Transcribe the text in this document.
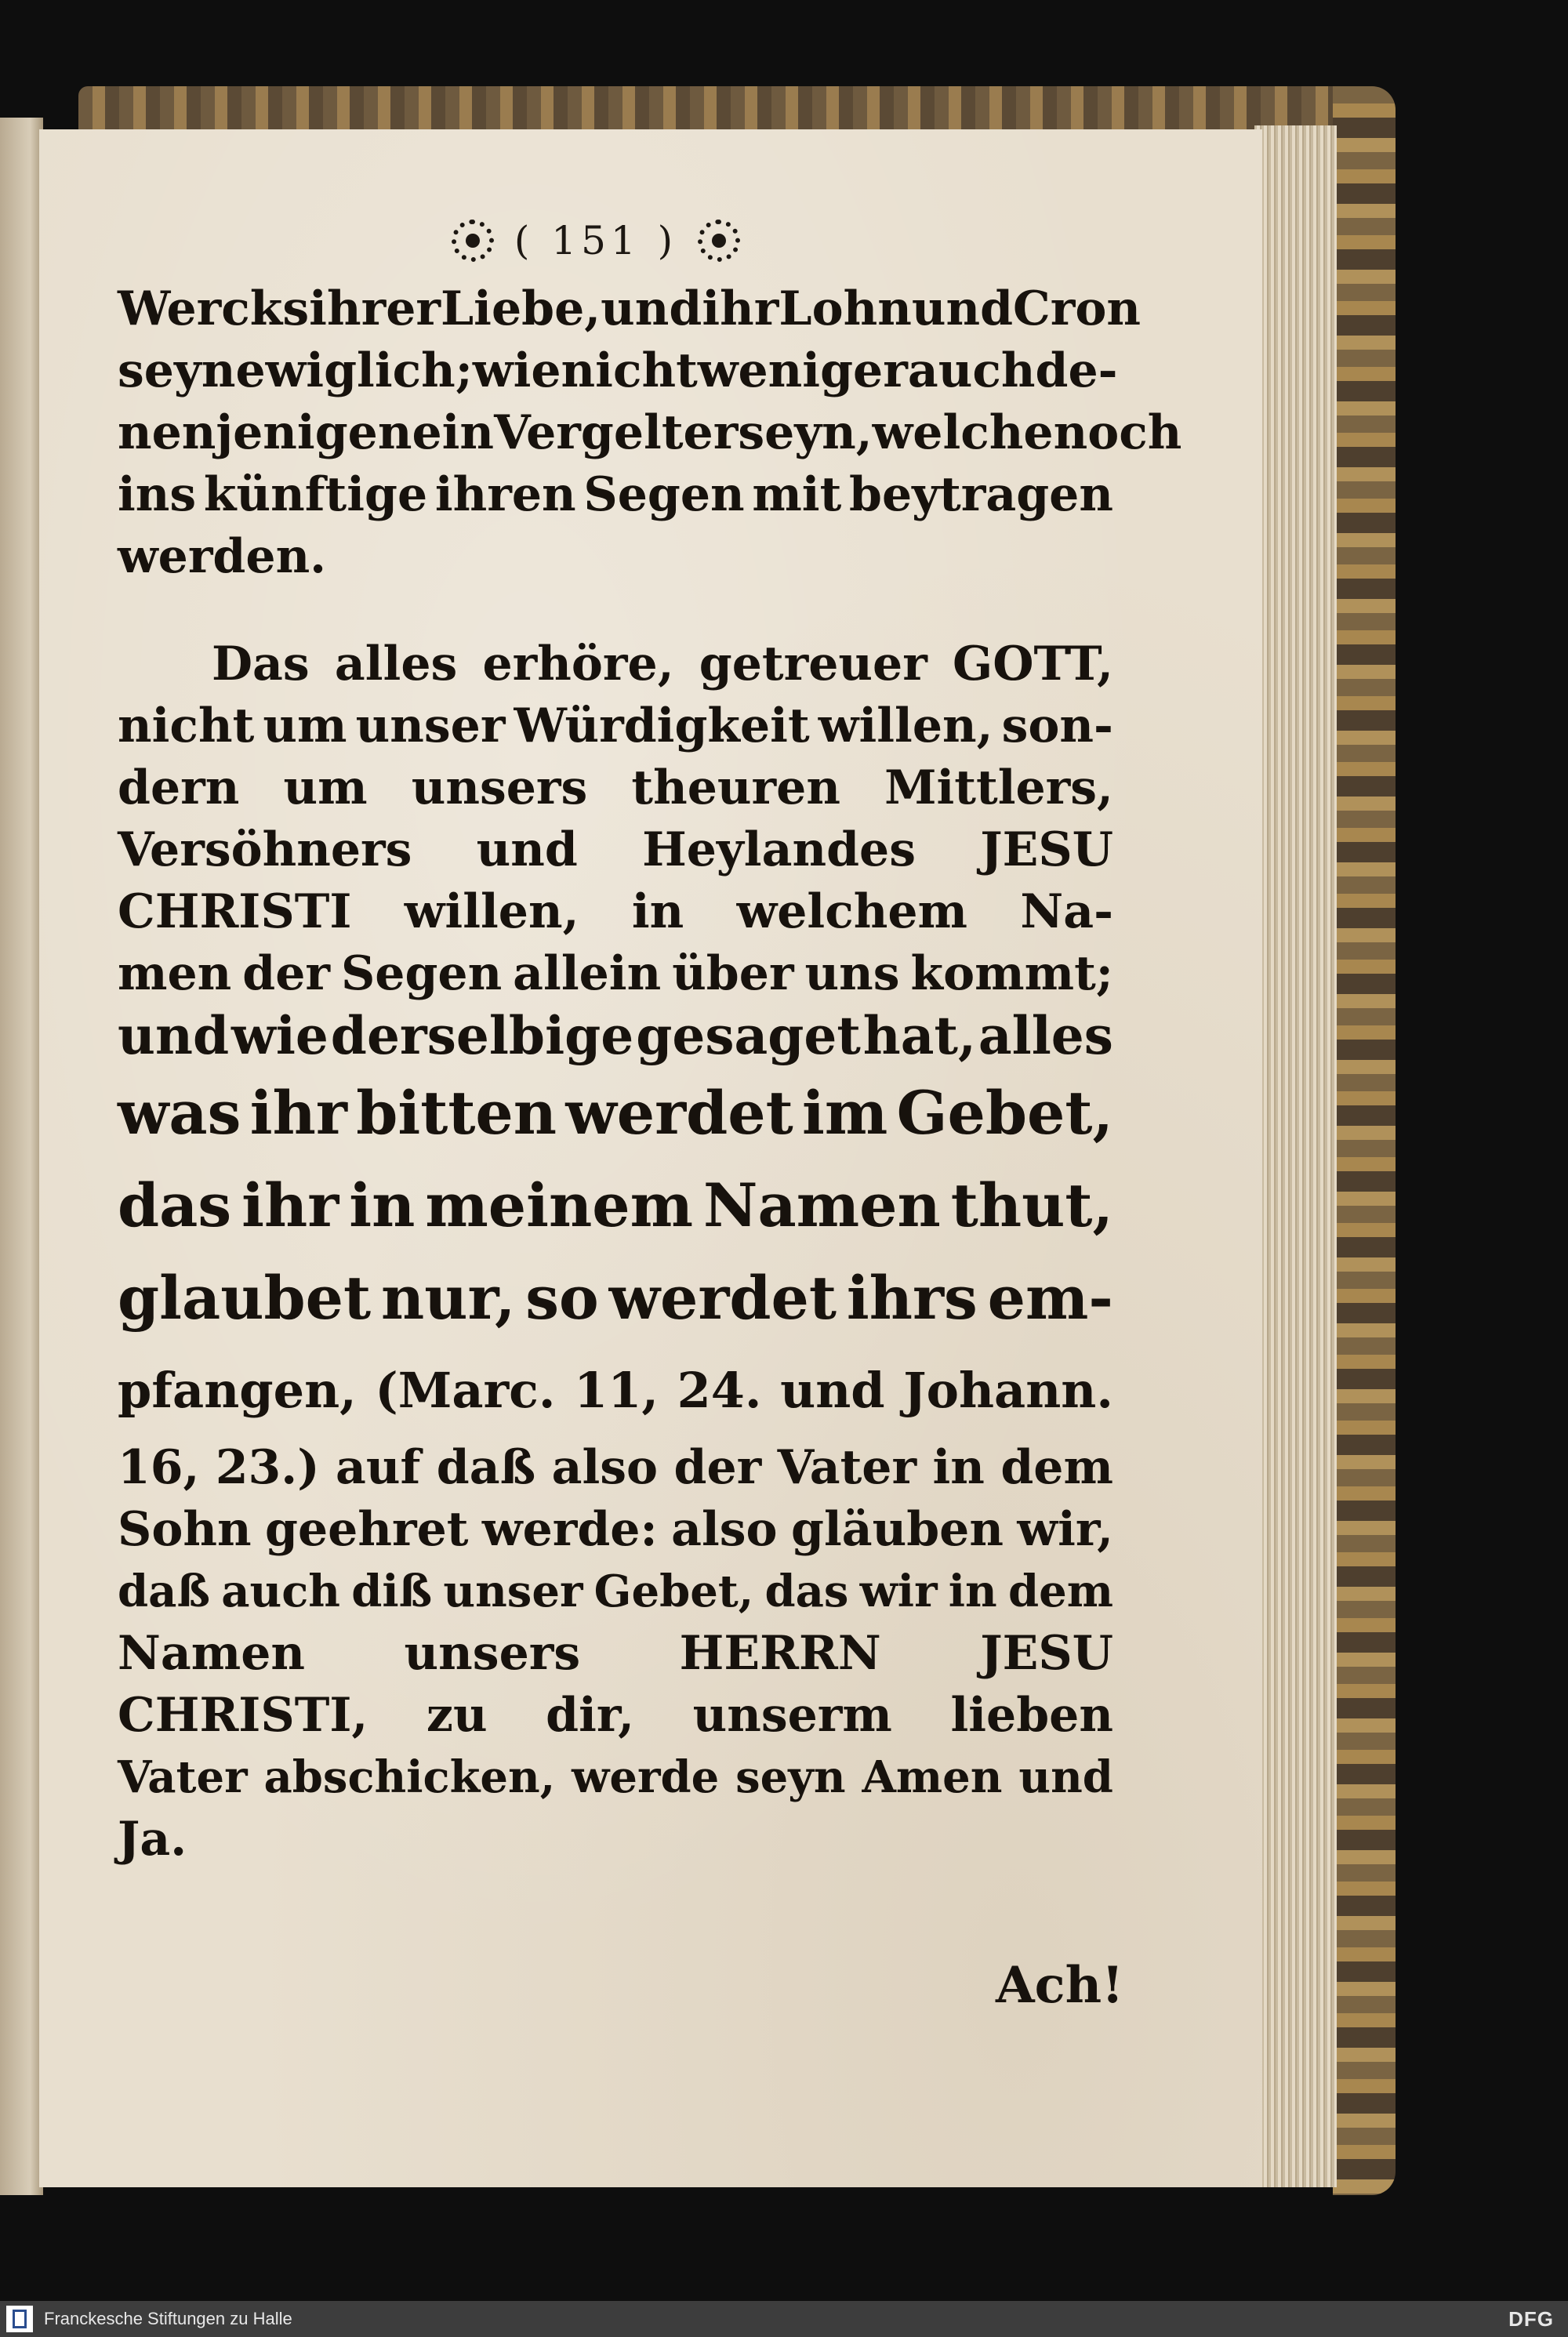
( 151 )
Wercks ihrer Liebe, und ihr Lohn und Cron
seyn ewiglich; wie nicht weniger auch de-
nenjenigen ein Vergelter seyn, welche noch
ins künftige ihren Segen mit beytragen
werden.
Das alles erhöre, getreuer GOTT,
nicht um unser Würdigkeit willen, son-
dern um unsers theuren Mittlers,
Versöhners und Heylandes JESU
CHRISTI willen, in welchem Na-
men der Segen allein über uns kommt;
und wie derselbige gesaget hat, alles
was ihr bitten werdet im Gebet,
das ihr in meinem Namen thut,
glaubet nur, so werdet ihrs em-
pfangen, (Marc. 11, 24. und Johann.
16, 23.) auf daß also der Vater in dem
Sohn geehret werde: also gläuben wir,
daß auch diß unser Gebet, das wir in dem
Namen unsers HERRN JESU
CHRISTI, zu dir, unserm lieben
Vater abschicken, werde seyn Amen und
Ja.
Ach!
Franckesche Stiftungen zu Halle	DFG
